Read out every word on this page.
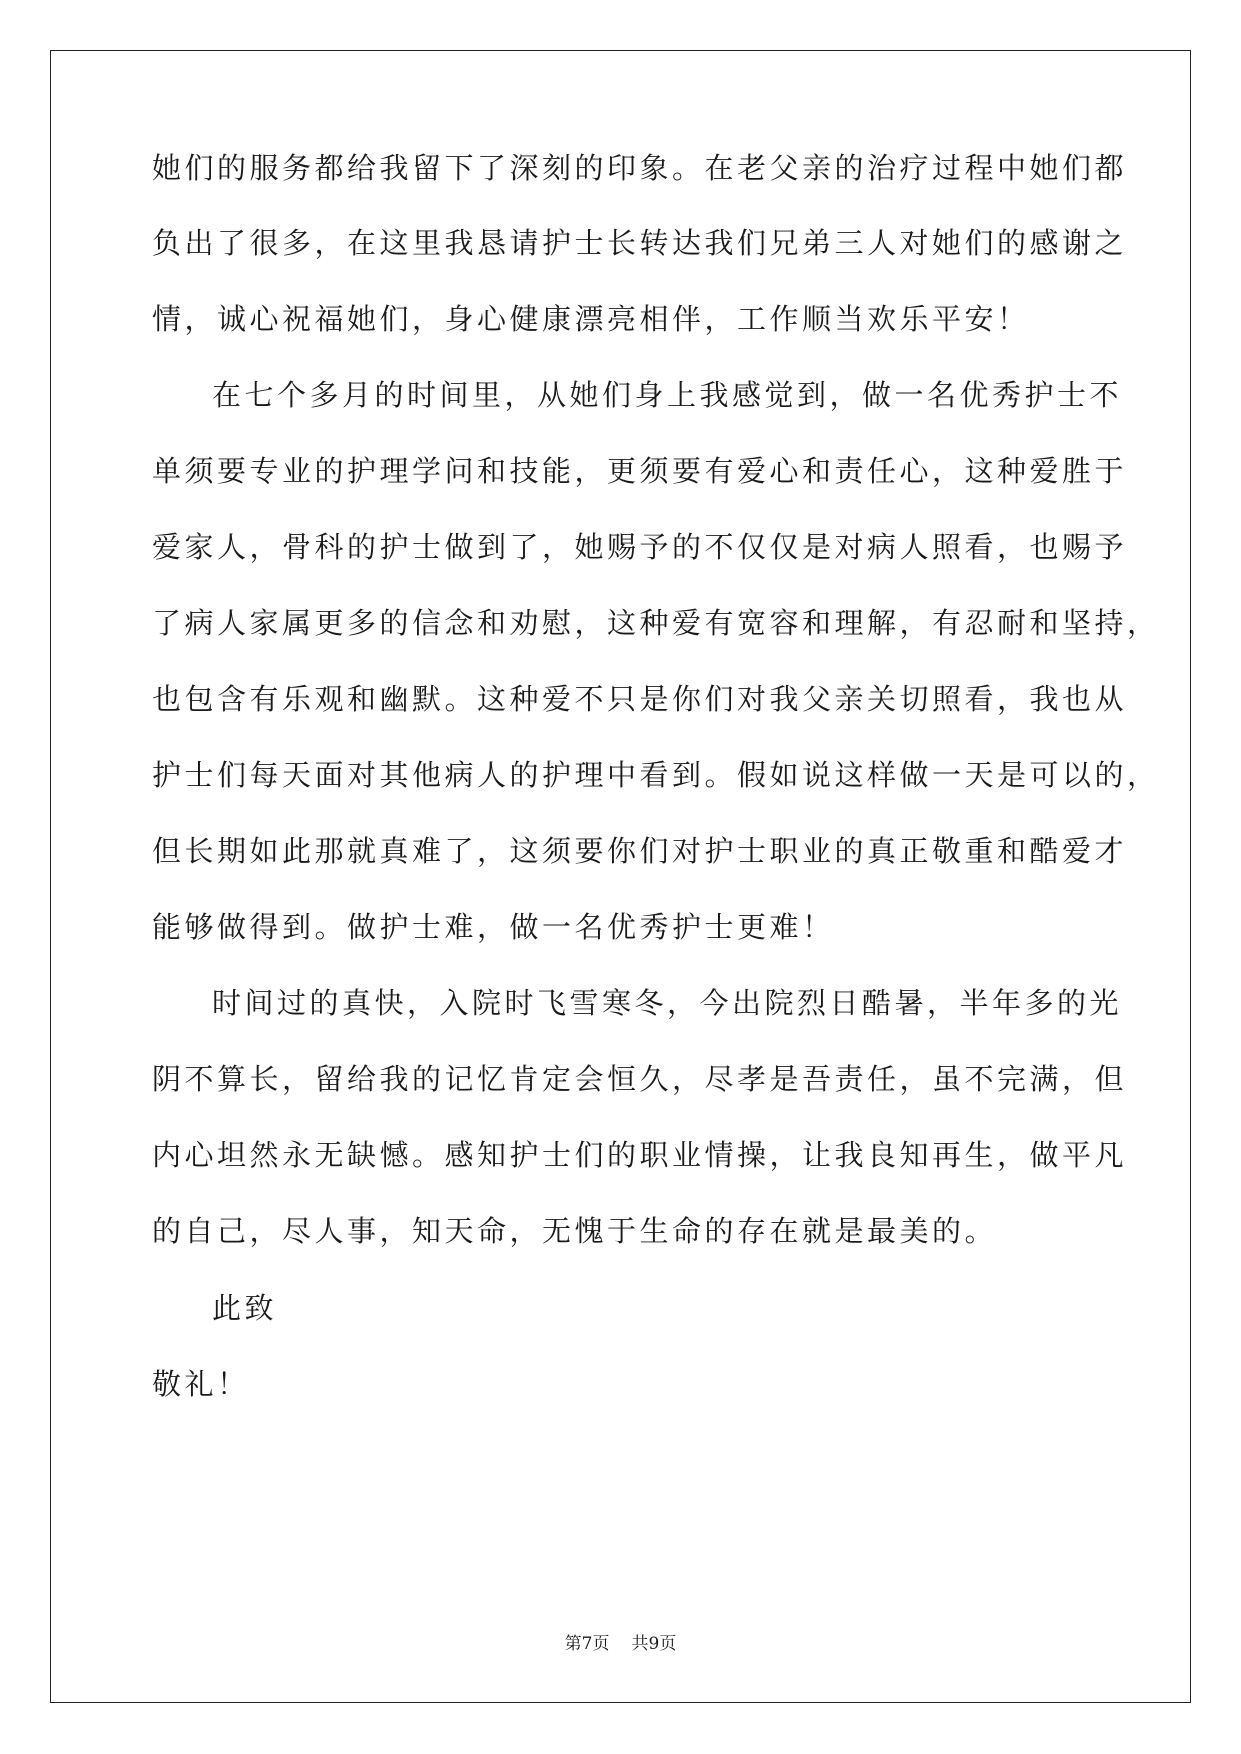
她们的服务都给我留下了深刻的印象。在老父亲的治疗过程中她们都
负出了很多，在这里我恳请护士长转达我们兄弟三人对她们的感谢之
情，诚心祝福她们，身心健康漂亮相伴，工作顺当欢乐平安！
在七个多月的时间里，从她们身上我感觉到，做一名优秀护士不
单须要专业的护理学问和技能，更须要有爱心和责任心，这种爱胜于
爱家人，骨科的护士做到了，她赐予的不仅仅是对病人照看，也赐予
了病人家属更多的信念和劝慰，这种爱有宽容和理解，有忍耐和坚持，
也包含有乐观和幽默。这种爱不只是你们对我父亲关切照看，我也从
护士们每天面对其他病人的护理中看到。假如说这样做一天是可以的，
但长期如此那就真难了，这须要你们对护士职业的真正敬重和酷爱才
能够做得到。做护士难，做一名优秀护士更难！
时间过的真快，入院时飞雪寒冬，今出院烈日酷暑，半年多的光
阴不算长，留给我的记忆肯定会恒久，尽孝是吾责任，虽不完满，但
内心坦然永无缺憾。感知护士们的职业情操，让我良知再生，做平凡
的自己，尽人事，知天命，无愧于生命的存在就是最美的。
此致
敬礼！
第7页 共9页
